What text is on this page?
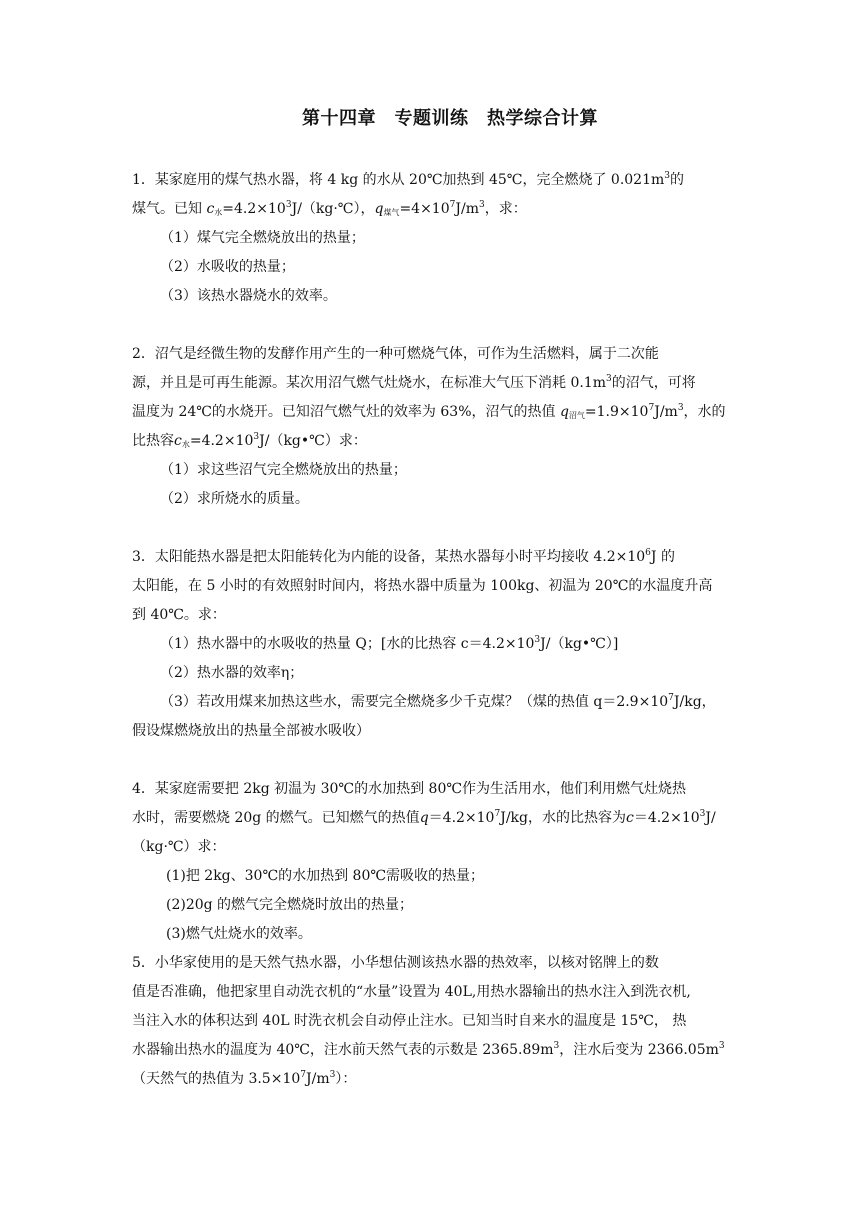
第十四章　专题训练　热学综合计算
1．某家庭用的煤气热水器，将 4 kg 的水从 20℃加热到 45℃，完全燃烧了 $0.021m^3$的
煤气。已知 $c_水=4.2\times 10^3J/(kg\cdot℃)$，$q_{煤气}=4\times 10^7J/m^3$，求：
（1）煤气完全燃烧放出的热量；
（2）水吸收的热量；
（3）该热水器烧水的效率。
2．沼气是经微生物的发酵作用产生的一种可燃烧气体，可作为生活燃料，属于二次能
源，并且是可再生能源。某次用沼气燃气灶烧水，在标准大气压下消耗 $0.1m^3$的沼气，可将
温度为 24℃的水烧开。已知沼气燃气灶的效率为 63%，沼气的热值 $q_{沼气}=1.9\times 10^7J/m^3$，水的
比热容$c_水=4.2\times 10^3J/(kg•℃)$求：
（1）求这些沼气完全燃烧放出的热量；
（2）求所烧水的质量。
3．太阳能热水器是把太阳能转化为内能的设备，某热水器每小时平均接收 $4.2\times 10^6J$ 的
太阳能，在 5 小时的有效照射时间内，将热水器中质量为 100kg、初温为 20℃的水温度升高
到 40℃。求：
（1）热水器中的水吸收的热量 Q；[水的比热容 $c=4.2\times 10^3J/(kg•℃)$]
（2）热水器的效率η；
（3）若改用煤来加热这些水，需要完全燃烧多少千克煤？（煤的热值 $q=2.9\times 10^7J/kg$，
假设煤燃烧放出的热量全部被水吸收）
4．某家庭需要把 2kg 初温为 30℃的水加热到 80℃作为生活用水，他们利用燃气灶烧热
水时，需要燃烧 20g 的燃气。已知燃气的热值$q=4.2\times 10^7J/kg$，水的比热容为$c=4.2\times 10^3J/$
（kg·℃）求：
(1)把 2kg、30℃的水加热到 80℃需吸收的热量；
(2)20g 的燃气完全燃烧时放出的热量；
(3)燃气灶烧水的效率。
5．小华家使用的是天然气热水器，小华想估测该热水器的热效率，以核对铭牌上的数
值是否准确，他把家里自动洗衣机的“水量”设置为 40L,用热水器输出的热水注入到洗衣机,
当注入水的体积达到 40L 时洗衣机会自动停止注水。已知当时自来水的温度是 15℃， 热
水器输出热水的温度为 40℃，注水前天然气表的示数是 $2365.89m^3$，注水后变为 $2366.05m^3$
（天然气的热值为 $3.5\times 10^7J/m^3$）：
